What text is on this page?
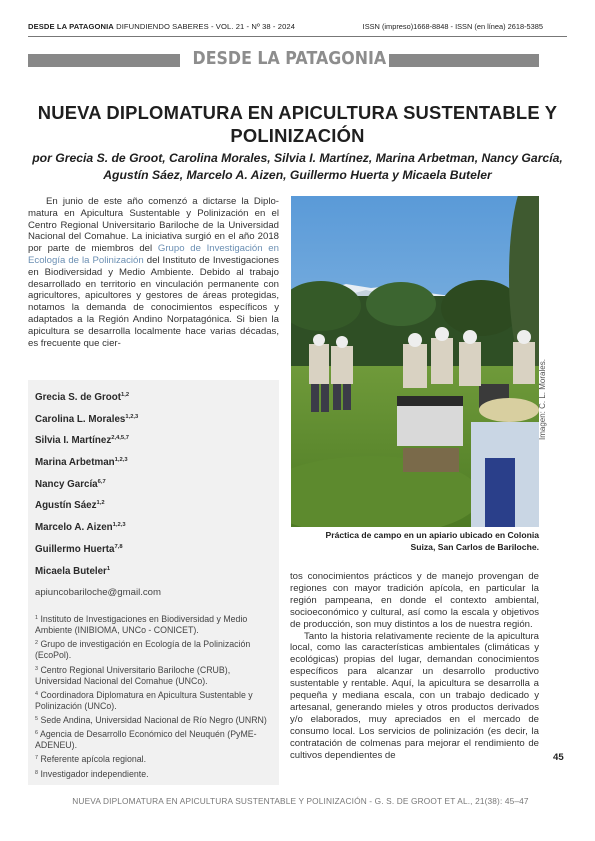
DESDE LA PATAGONIA DIFUNDIENDO SABERES - VOL. 21 - Nº 38 - 2024	ISSN (impreso)1668-8848 - ISSN (en línea) 2618-5385
DESDE LA PATAGONIA
NUEVA DIPLOMATURA EN APICULTURA SUSTENTABLE Y POLINIZACIÓN
por Grecia S. de Groot, Carolina Morales, Silvia I. Martínez, Marina Arbetman, Nancy García, Agustín Sáez, Marcelo A. Aizen, Guillermo Huerta y Micaela Buteler

En junio de este año comenzó a dictarse la Diplomatura en Apicultura Sustentable y Polinización en el Centro Regional Universitario Bariloche de la Universidad Nacional del Comahue. La iniciativa surgió en el año 2018 por parte de miembros del Grupo de Investigación en Ecología de la Polinización del Instituto de Investigaciones en Biodiversidad y Medio Ambiente. Debido al trabajo desarrollado en territorio en vinculación permanente con agricultores, apicultores y gestores de áreas protegidas, notamos la demanda de conocimientos específicos y adaptados a la Región Andino Norpatagónica. Si bien la apicultura se desarrolla localmente hace varias décadas, es frecuente que cier-

Imagen: C. L. Morales.
Práctica de campo en un apiario ubicado en Colonia
Suiza, San Carlos de Bariloche.
Grecia S. de Groot$^{1,2}$
Carolina L. Morales$^{1,2,3}$
Silvia I. Martínez$^{2,4,5,7}$
Marina Arbetman$^{1,2,3}$
Nancy García$^{6,7}$
Agustín Sáez$^{1,2}$
Marcelo A. Aizen$^{1,2,3}$
Guillermo Huerta$^{7,8}$
Micaela Buteler$^1$
apiuncobariloche@gmail.com
$^1$ Instituto de Investigaciones en Biodiversidad y Medio Ambiente (INIBIOMA, UNCo - CONICET).
$^2$ Grupo de investigación en Ecología de la Polinización (EcoPol).
$^3$ Centro Regional Universitario Bariloche (CRUB), Universidad Nacional del Comahue (UNCo).
$^4$ Coordinadora Diplomatura en Apicultura Sustentable y Polinización (UNCo).
$^5$ Sede Andina, Universidad Nacional de Río Negro (UNRN)
$^6$ Agencia de Desarrollo Económico del Neuquén (PyME-ADENEU).
$^7$ Referente apícola regional.
$^8$ Investigador independiente.

tos conocimientos prácticos y de manejo provengan de regiones con mayor tradición apícola, en particular la región pampeana, en donde el contexto ambiental, socioeconómico y cultural, así como la escala y objetivos de producción, son muy distintos a los de nuestra región.

Tanto la historia relativamente reciente de la apicultura local, como las características ambientales (climáticas y ecológicas) propias del lugar, demandan conocimientos específicos para alcanzar un desarrollo productivo sustentable y rentable. Aquí, la apicultura se desarrolla a pequeña y mediana escala, con un trabajo dedicado y artesanal, generando mieles y otros productos derivados y/o elaborados, muy apreciados en el mercado de consumo local. Los servicios de polinización (es decir, la contratación de colmenas para mejorar el rendimiento de cultivos dependientes de	45
NUEVA DIPLOMATURA EN APICULTURA SUSTENTABLE Y POLINIZACIÓN - G. S. DE GROOT ET AL., 21(38): 45–47
